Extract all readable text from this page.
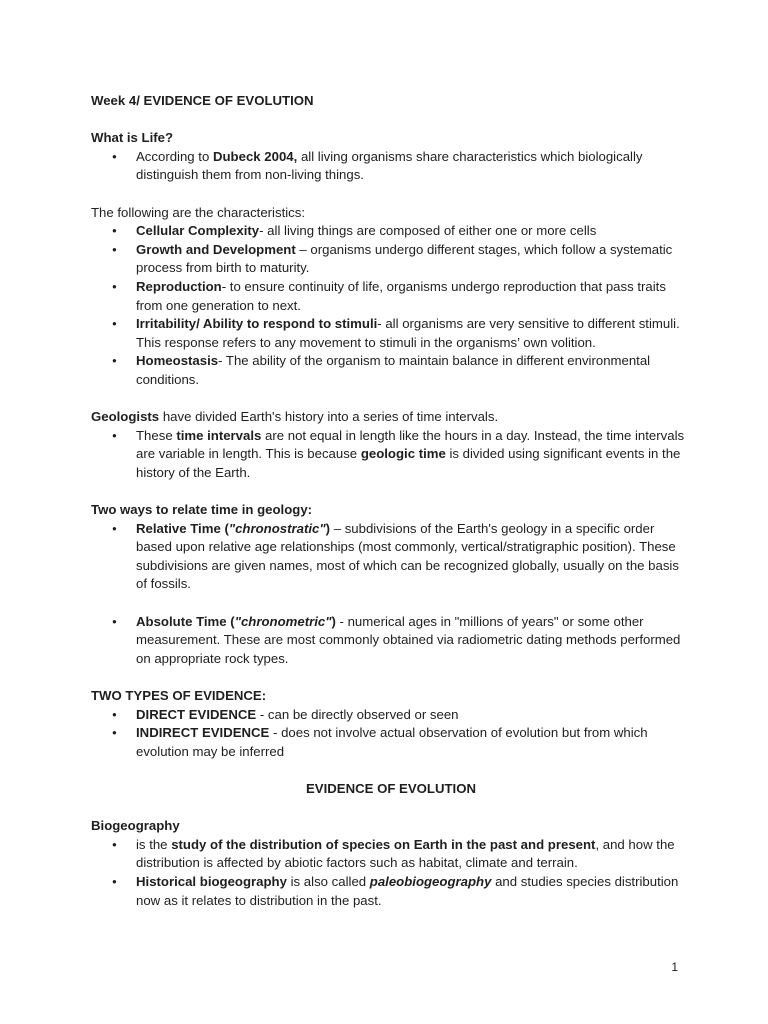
Week 4/ EVIDENCE OF EVOLUTION

What is Life?

● According to Dubeck 2004, all living organisms share characteristics which biologically distinguish them from non-living things.

The following are the characteristics:

● Cellular Complexity- all living things are composed of either one or more cells
● Growth and Development – organisms undergo different stages, which follow a systematic process from birth to maturity.
● Reproduction- to ensure continuity of life, organisms undergo reproduction that pass traits from one generation to next.
● Irritability/ Ability to respond to stimuli- all organisms are very sensitive to different stimuli. This response refers to any movement to stimuli in the organisms’ own volition.
● Homeostasis- The ability of the organism to maintain balance in different environmental conditions.

Geologists have divided Earth's history into a series of time intervals.

● These time intervals are not equal in length like the hours in a day. Instead, the time intervals are variable in length. This is because geologic time is divided using significant events in the history of the Earth.

Two ways to relate time in geology:

● Relative Time ("chronostratic") – subdivisions of the Earth's geology in a specific order based upon relative age relationships (most commonly, vertical/stratigraphic position). These subdivisions are given names, most of which can be recognized globally, usually on the basis of fossils.
● Absolute Time ("chronometric") - numerical ages in "millions of years" or some other measurement. These are most commonly obtained via radiometric dating methods performed on appropriate rock types.

TWO TYPES OF EVIDENCE:

● DIRECT EVIDENCE - can be directly observed or seen
● INDIRECT EVIDENCE - does not involve actual observation of evolution but from which evolution may be inferred

EVIDENCE OF EVOLUTION

Biogeography

● is the study of the distribution of species on Earth in the past and present, and how the distribution is affected by abiotic factors such as habitat, climate and terrain.
● Historical biogeography is also called paleobiogeography and studies species distribution now as it relates to distribution in the past.
1
